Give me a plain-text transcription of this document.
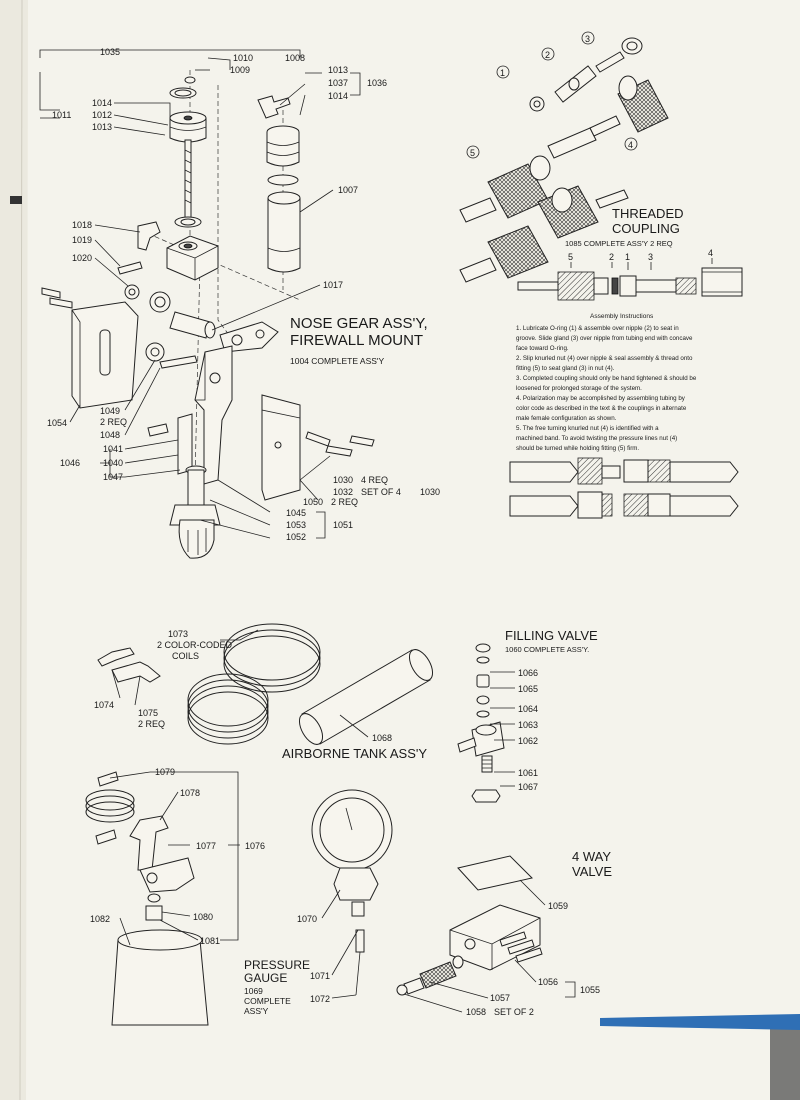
1035
1010
1009
1008
1013
1037
1014
1036
1011
1014
1012
1013
1007
1018
1019
1020
1017
1054
1049
2 REQ
1048
1041
1046	1040
1047	1030 4 REQ
1032 SET OF 4 1030
1050 2 REQ
1045
1053	1051
1052
NOSE GEAR ASS'Y,
FIREWALL MOUNT
1004 COMPLETE ASS'Y
1
2
3
4
5
THREADED
COUPLING
1085 COMPLETE ASS'Y 2 REQ
5	2 1 3	4
Assembly Instructions
1. Lubricate O-ring (1) & assemble over nipple (2) to seat in
groove. Slide gland (3) over nipple from tubing end with concave
face toward O-ring.
2. Slip knurled nut (4) over nipple & seal assembly & thread onto
fitting (5) to seat gland (3) in nut (4).
3. Completed coupling should only be hand tightened & should be
loosened for prolonged storage of the system.
4. Polarization may be accomplished by assembling tubing by
color code as described in the text & the couplings in alternate
male female configuration as shown.
5. The free turning knurled nut (4) is identified with a
machined band. To avoid twisting the pressure lines nut (4)
should be turned while holding fitting (5) firm.
1073
2 COLOR-CODED
COILS
1074
1075
2 REQ
1068
AIRBORNE TANK ASS'Y
FILLING VALVE
1060 COMPLETE ASS'Y.
1066
1065
1064
1063
1062
1061
1067
1079
1078
1077	1076
1080
1081
1082	1070
1071
1072
PRESSURE
GAUGE
1069
COMPLETE
ASS'Y
4 WAY
VALVE
1059
1056
1055
1057
1058 SET OF 2
